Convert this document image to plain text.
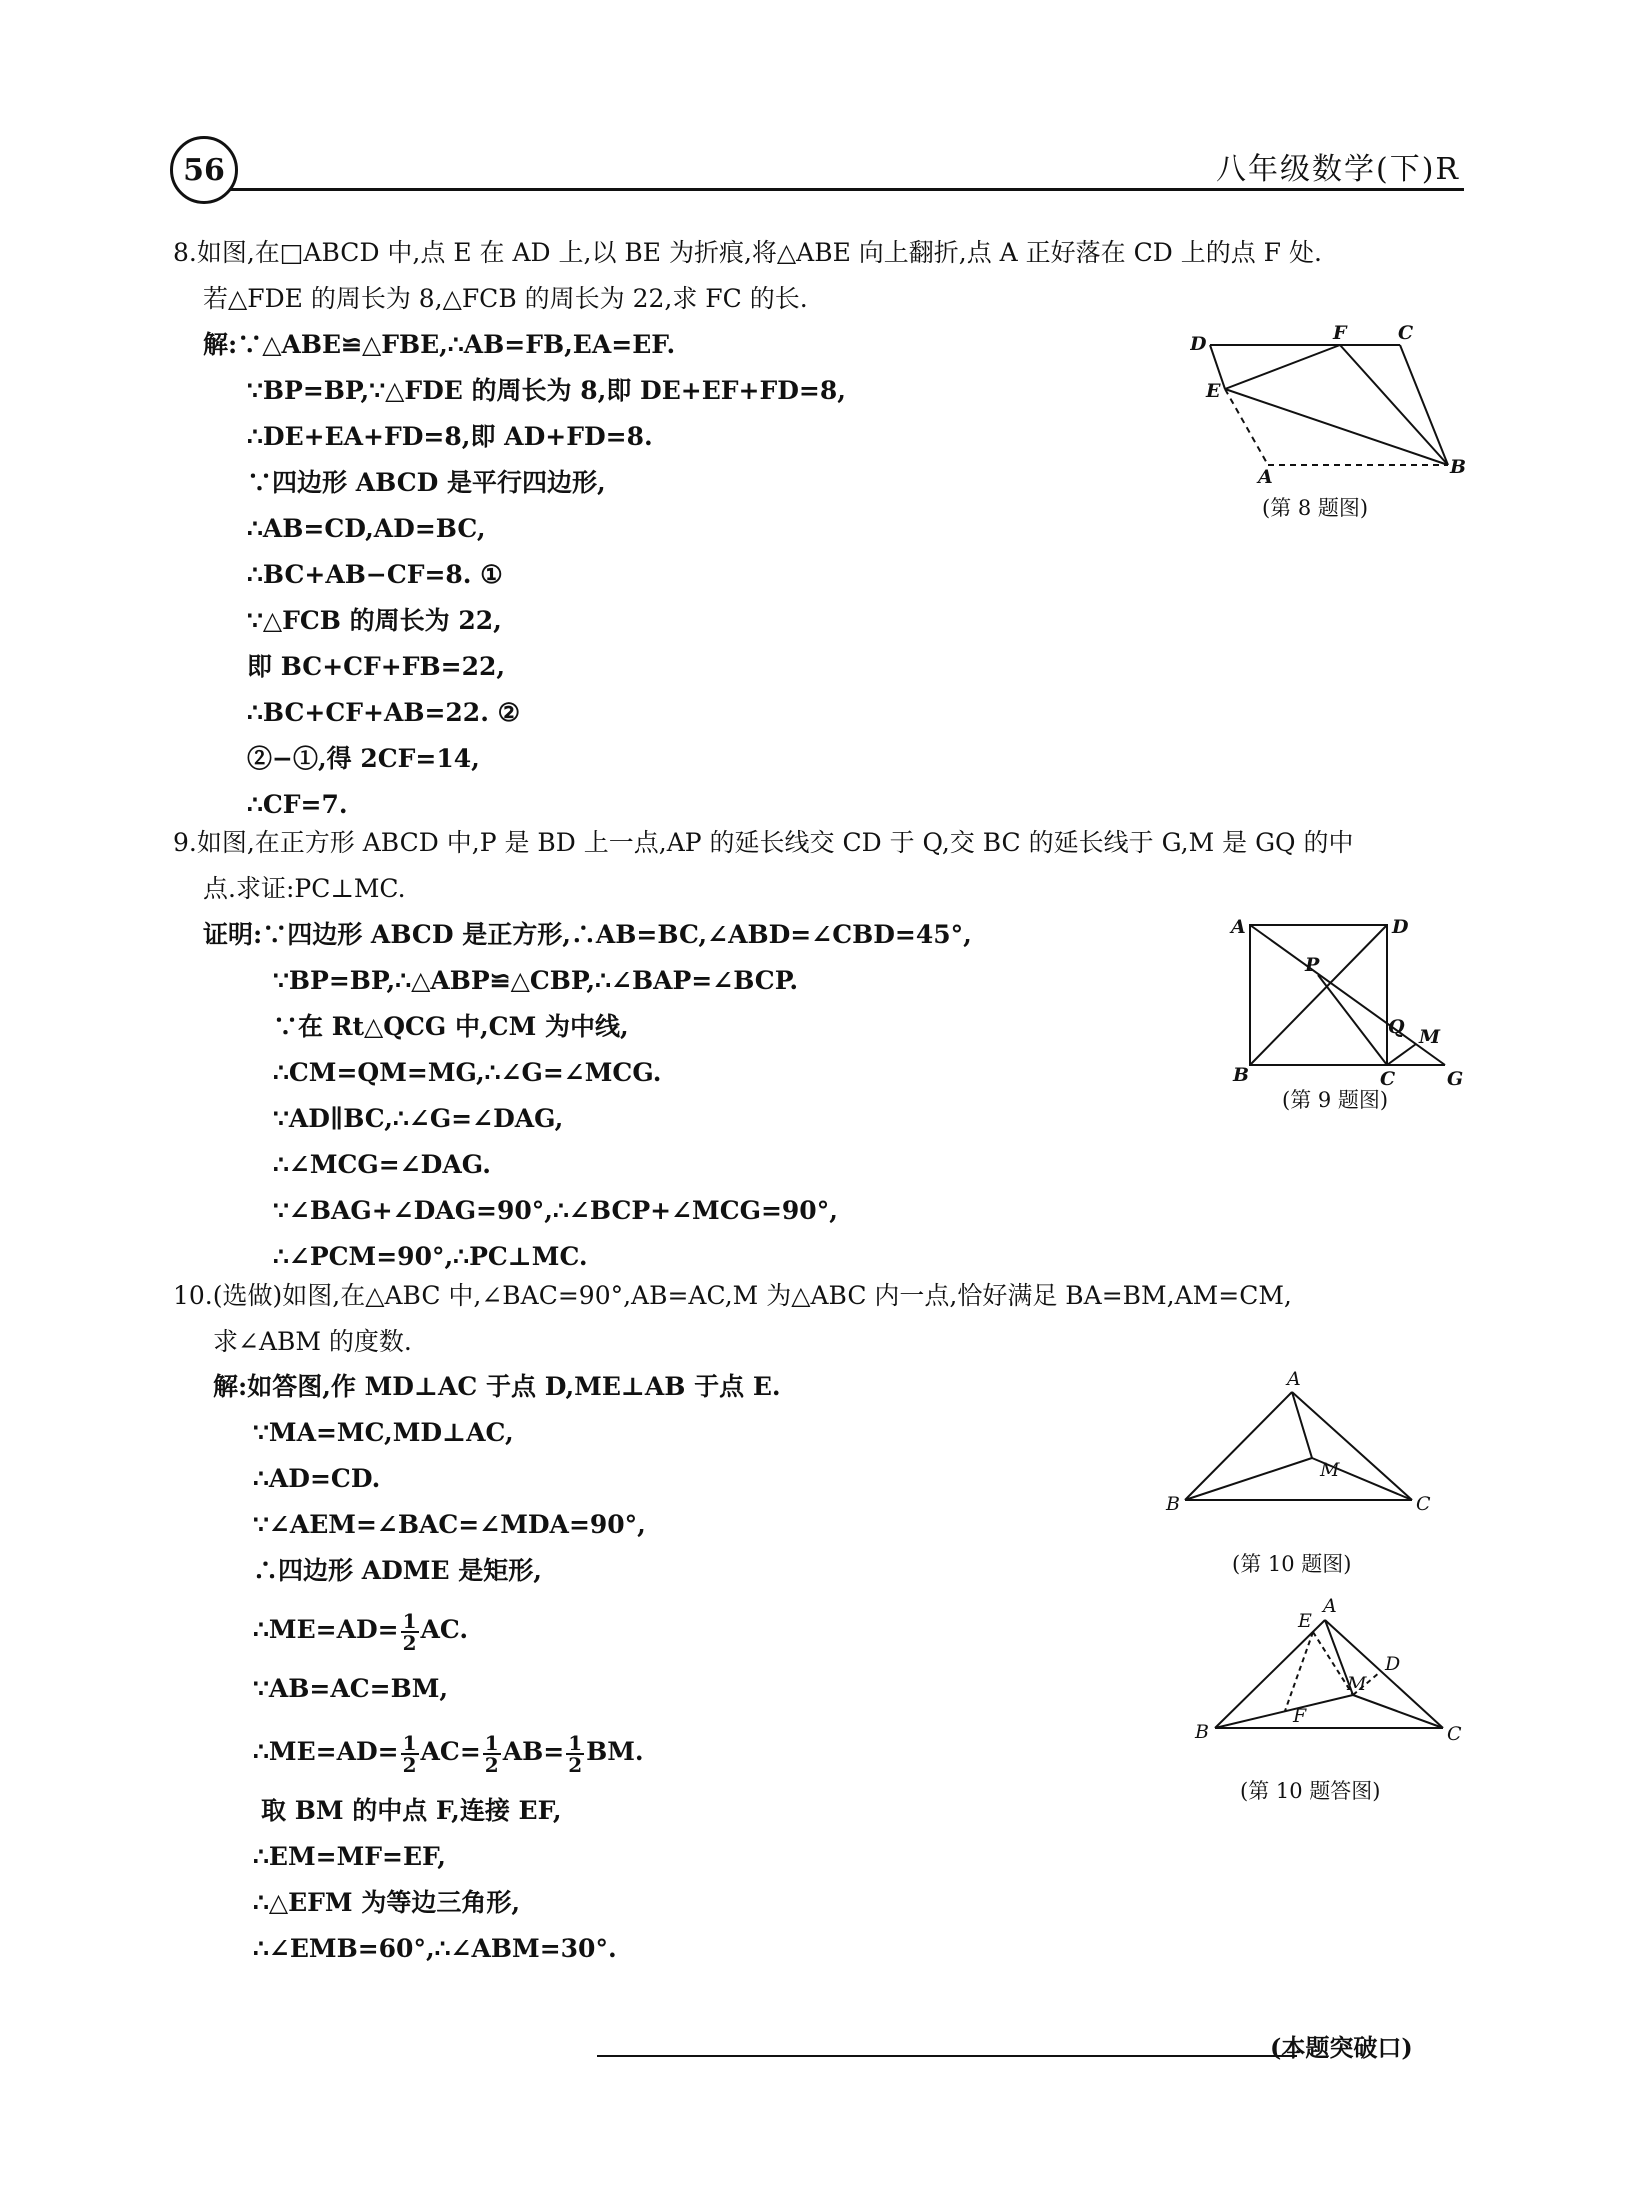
56	八年级数学(下)R
8.如图,在□ABCD 中,点 E 在 AD 上,以 BE 为折痕,将△ABE 向上翻折,点 A 正好落在 CD 上的点 F 处.
若△FDE 的周长为 8,△FCB 的周长为 22,求 FC 的长.
解:∵△ABE≌△FBE,∴AB=FB,EA=EF.
∵BP=BP,∵△FDE 的周长为 8,即 DE+EF+FD=8,
∴DE+EA+FD=8,即 AD+FD=8.
∵四边形 ABCD 是平行四边形,
∴AB=CD,AD=BC,
∴BC+AB−CF=8. ①
∵△FCB 的周长为 22,
即 BC+CF+FB=22,
∴BC+CF+AB=22. ②
②−①,得 2CF=14,
∴CF=7.
D	F	C
E
A	B
(第 8 题图)
9.如图,在正方形 ABCD 中,P 是 BD 上一点,AP 的延长线交 CD 于 Q,交 BC 的延长线于 G,M 是 GQ 的中
点.求证:PC⊥MC.
证明:∵四边形 ABCD 是正方形,∴AB=BC,∠ABD=∠CBD=45°,
∵BP=BP,∴△ABP≌△CBP,∴∠BAP=∠BCP.
∵在 Rt△QCG 中,CM 为中线,
∴CM=QM=MG,∴∠G=∠MCG.
∵AD∥BC,∴∠G=∠DAG,
∴∠MCG=∠DAG.
∵∠BAG+∠DAG=90°,∴∠BCP+∠MCG=90°,
∴∠PCM=90°,∴PC⊥MC.
A	D
P
Q M
B	C	G
(第 9 题图)
10.(选做)如图,在△ABC 中,∠BAC=90°,AB=AC,M 为△ABC 内一点,恰好满足 BA=BM,AM=CM,
求∠ABM 的度数.
解:如答图,作 MD⊥AC 于点 D,ME⊥AB 于点 E.
∵MA=MC,MD⊥AC,
∴AD=CD.
∵∠AEM=∠BAC=∠MDA=90°,
∴四边形 ADME 是矩形,
∴ME=AD= $\frac{1}{2}$ AC.
∵AB=AC=BM,
∴ME=AD= $\frac{1}{2} AC= \frac{1}{2} AB= \frac{1}{2}$ BM.
取 BM 的中点 F,连接 EF,
∴EM=MF=EF,
∴△EFM 为等边三角形,
∴∠EMB=60°,∴∠ABM=30°.
A
B	C
M
(第 10 题图)
E
A
D
M
F
B	C
(第 10 题答图)
(本题突破口)
